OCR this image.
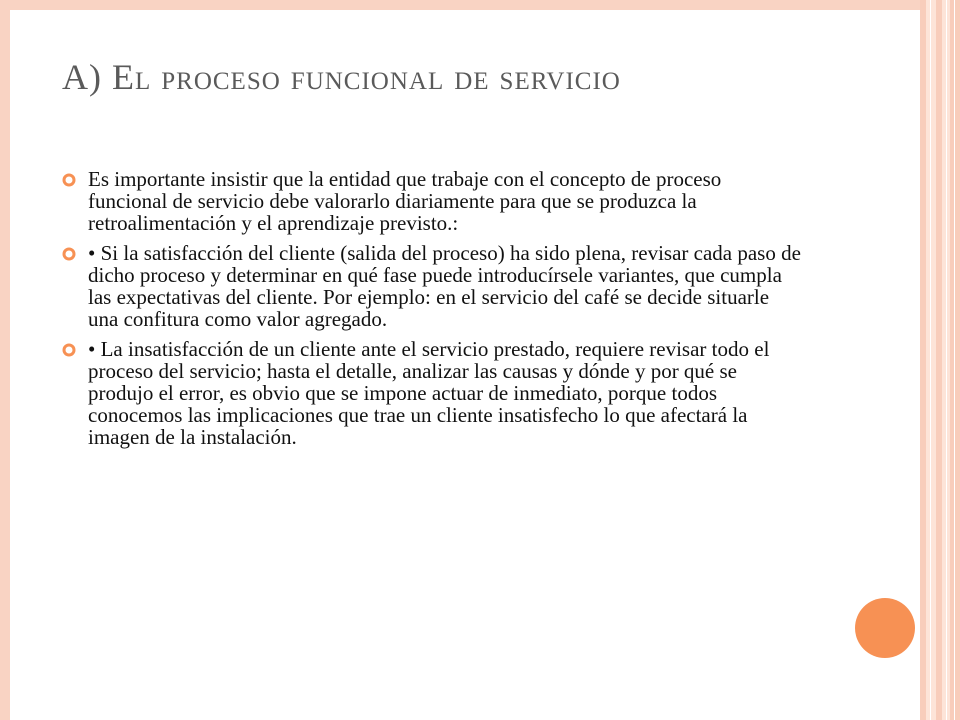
A) El proceso funcional de servicio
Es importante insistir que la entidad que trabaje con el concepto de proceso funcional de servicio debe valorarlo diariamente para que se produzca la retroalimentación y el aprendizaje previsto.:
• Si la satisfacción del cliente (salida del proceso) ha sido plena, revisar cada paso de dicho proceso y determinar en qué fase puede introducírsele variantes, que cumpla las expectativas del cliente. Por ejemplo: en el servicio del café se decide situarle una confitura como valor agregado.
• La insatisfacción de un cliente ante el servicio prestado, requiere revisar todo el proceso del servicio; hasta el detalle, analizar las causas y dónde y por qué se produjo el error, es obvio que se impone actuar de inmediato, porque todos conocemos las implicaciones que trae un cliente insatisfecho lo que afectará la imagen de la instalación.
